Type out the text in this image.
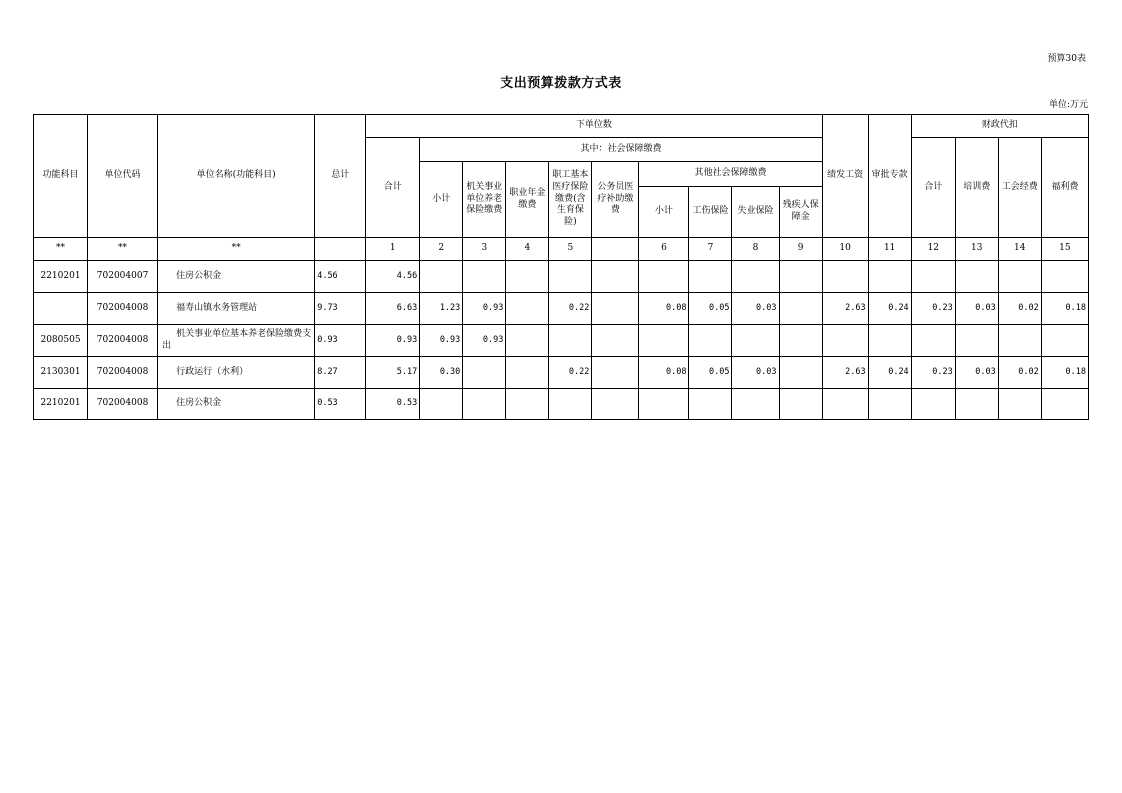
预算30表
支出预算拨款方式表
单位:万元
功能科目	单位代码	单位名称(功能科目)	总计	下单位数										绩发工资	审批专款	财政代扣			
				合计	其中：社会保障缴费											合计	培训费	工会经费	福利费
					小计	机关事业单位养老保险缴费	职业年金缴费	职工基本医疗保险缴费(含生育保险)	公务员医疗补助缴费	其他社会保障缴费									
										小计	工伤保险	失业保险	残疾人保障金						
**	**	**		1	2	3	4	5		6	7	8	9	10	11	12	13	14	15
2210201	702004007	住房公积金	4.56	4.56															
	702004008	福寿山镇水务管理站	9.73	6.63	1.23	0.93		0.22		0.08	0.05	0.03		2.63	0.24	0.23	0.03	0.02	0.18
2080505	702004008	机关事业单位基本养老保险缴费支出	0.93	0.93	0.93	0.93													
2130301	702004008	行政运行（水利）	8.27	5.17	0.30			0.22		0.08	0.05	0.03		2.63	0.24	0.23	0.03	0.02	0.18
2210201	702004008	住房公积金	0.53	0.53															
